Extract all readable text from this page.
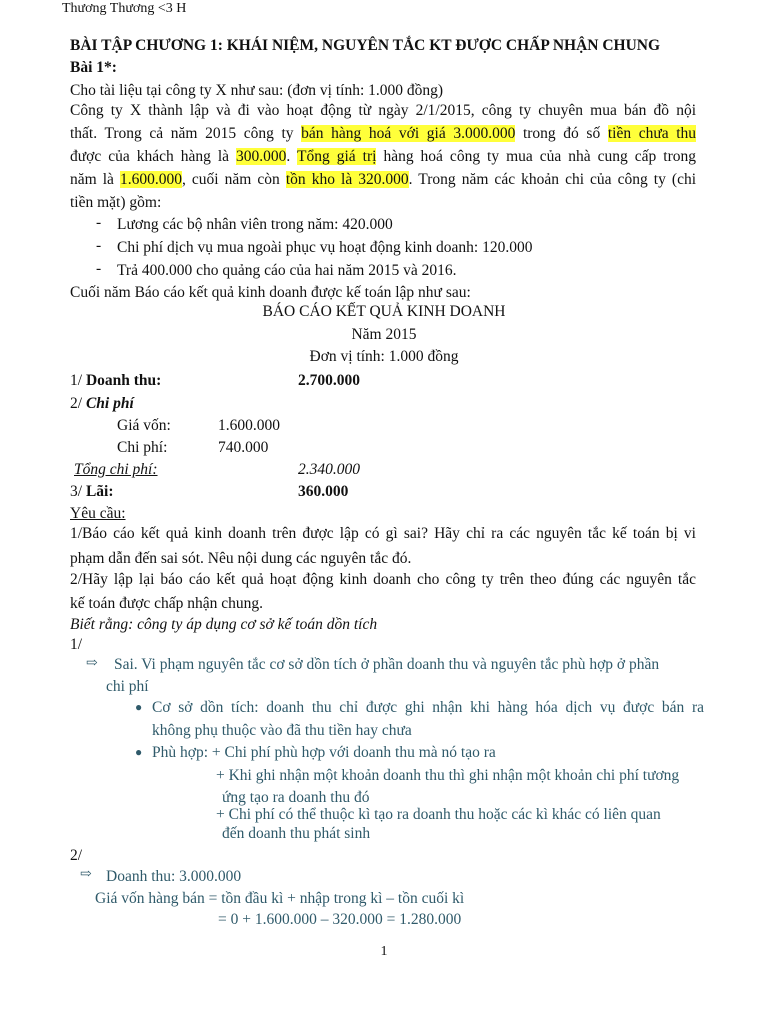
Thương Thương <3 H
BÀI TẬP CHƯƠNG 1: KHÁI NIỆM, NGUYÊN TẮC KT ĐƯỢC CHẤP NHẬN CHUNG
Bài 1*:
Cho tài liệu tại công ty X như sau: (đơn vị tính: 1.000 đồng)
Công ty X thành lập và đi vào hoạt động từ ngày 2/1/2015, công ty chuyên mua bán đồ nội
thất. Trong cả năm 2015 công ty bán hàng hoá với giá 3.000.000 trong đó số tiền chưa thu
được của khách hàng là 300.000. Tổng giá trị hàng hoá công ty mua của nhà cung cấp trong
năm là 1.600.000, cuối năm còn tồn kho là 320.000. Trong năm các khoản chi của công ty (chi
tiền mặt) gồm:
- Lương các bộ nhân viên trong năm: 420.000
- Chi phí dịch vụ mua ngoài phục vụ hoạt động kinh doanh: 120.000
- Trả 400.000 cho quảng cáo của hai năm 2015 và 2016.
Cuối năm Báo cáo kết quả kinh doanh được kế toán lập như sau:
BÁO CÁO KẾT QUẢ KINH DOANH
Năm 2015
Đơn vị tính: 1.000 đồng
1/ Doanh thu:	2.700.000
2/ Chi phí
Giá vốn:	1.600.000
Chi phí:	740.000
Tổng chi phí:	2.340.000
3/ Lãi:	360.000
Yêu cầu:
1/Báo cáo kết quả kinh doanh trên được lập có gì sai? Hãy chỉ ra các nguyên tắc kế toán bị vi
phạm dẫn đến sai sót. Nêu nội dung các nguyên tắc đó.
2/Hãy lập lại báo cáo kết quả hoạt động kinh doanh cho công ty trên theo đúng các nguyên tắc
kế toán được chấp nhận chung.
Biết rằng: công ty áp dụng cơ sở kế toán dồn tích
1/
⇨ Sai. Vi phạm nguyên tắc cơ sở dồn tích ở phần doanh thu và nguyên tắc phù hợp ở phần
chi phí
● Cơ sở dồn tích: doanh thu chỉ được ghi nhận khi hàng hóa dịch vụ được bán ra
không phụ thuộc vào đã thu tiền hay chưa
● Phù hợp: + Chi phí phù hợp với doanh thu mà nó tạo ra
+ Khi ghi nhận một khoản doanh thu thì ghi nhận một khoản chi phí tương
ứng tạo ra doanh thu đó
+ Chi phí có thể thuộc kì tạo ra doanh thu hoặc các kì khác có liên quan
đến doanh thu phát sinh
2/
⇨ Doanh thu: 3.000.000
Giá vốn hàng bán = tồn đầu kì + nhập trong kì – tồn cuối kì
= 0 + 1.600.000 – 320.000 = 1.280.000
1
